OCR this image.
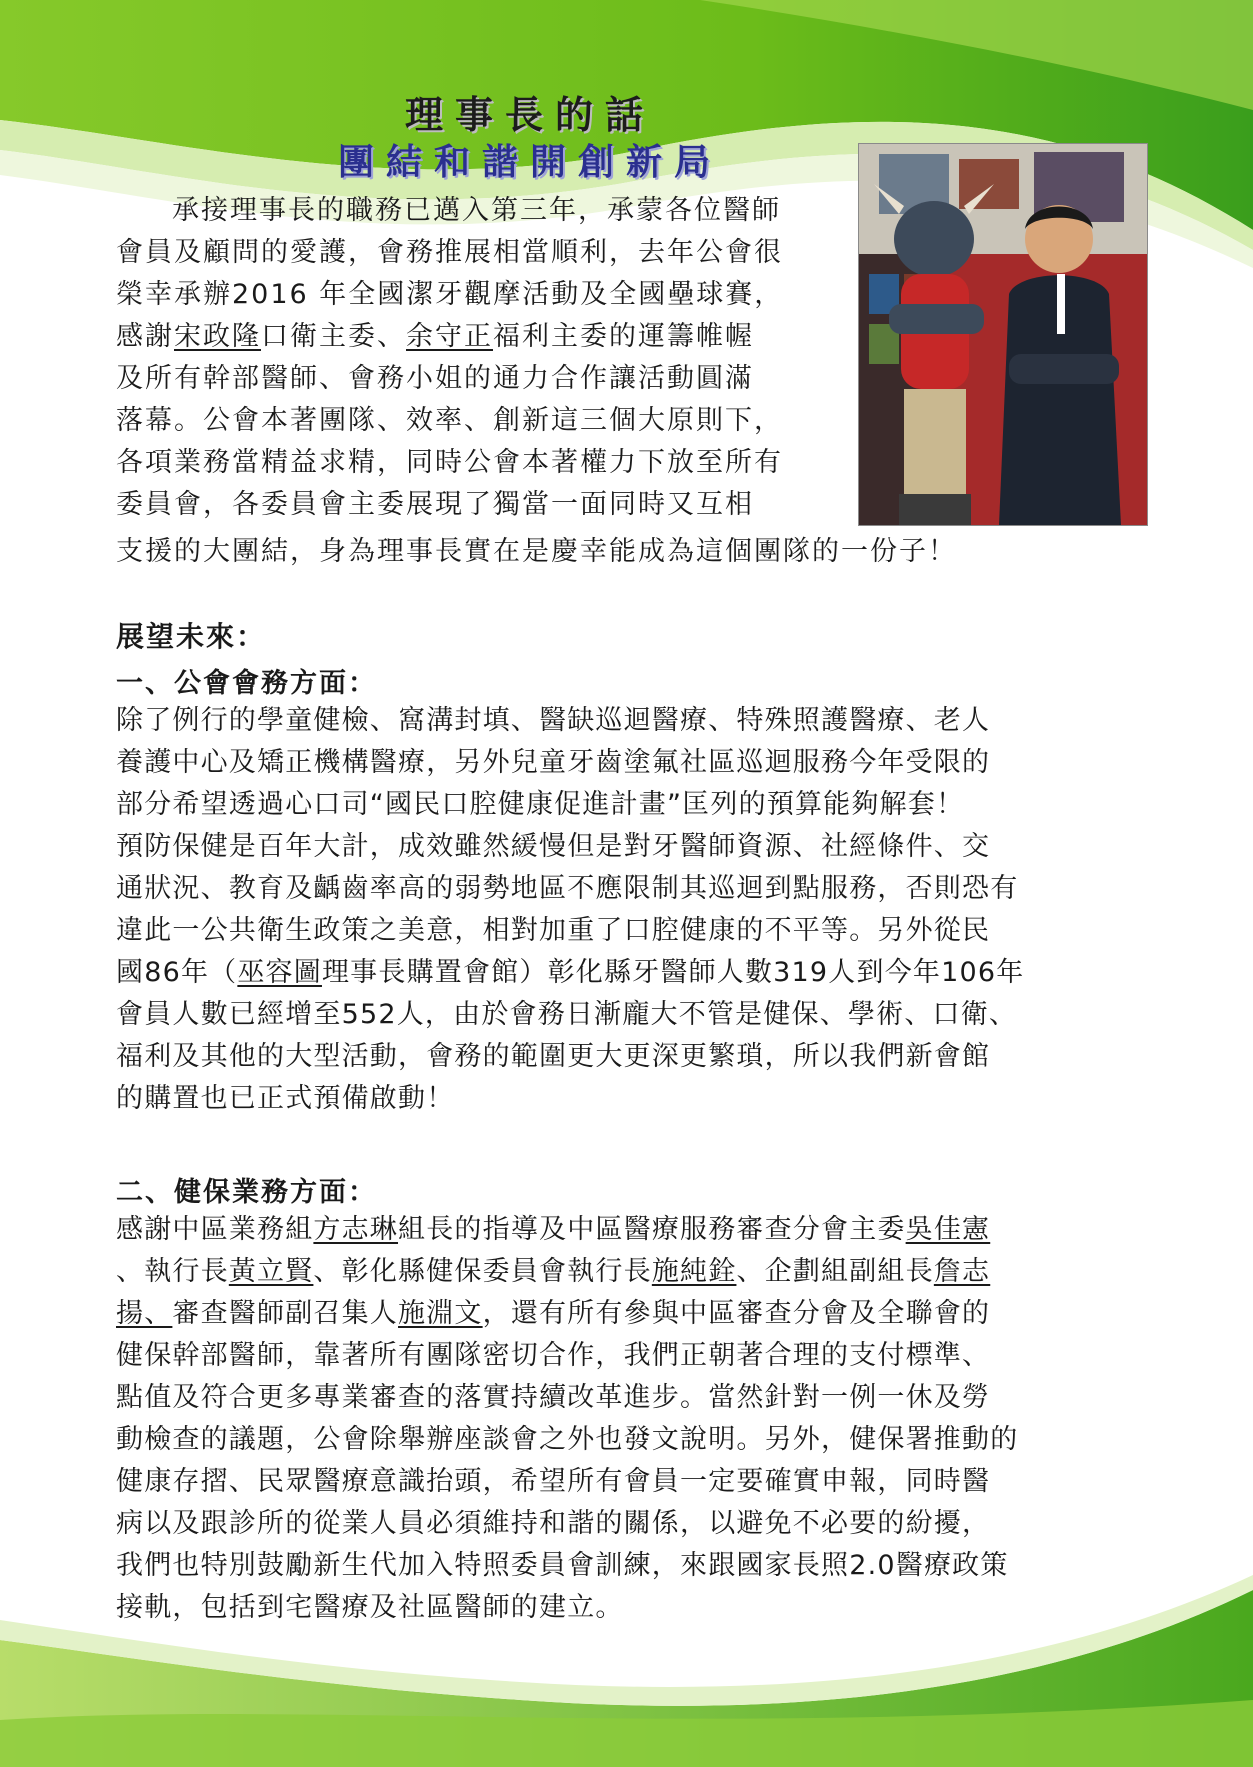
理事長的話
團結和諧開創新局
承接理事長的職務已邁入第三年，承蒙各位醫師
會員及顧問的愛護，會務推展相當順利，去年公會很
榮幸承辦2016 年全國潔牙觀摩活動及全國壘球賽，
感謝宋政隆口衛主委、余守正福利主委的運籌帷幄
及所有幹部醫師、會務小姐的通力合作讓活動圓滿
落幕。公會本著團隊、效率、創新這三個大原則下，
各項業務當精益求精，同時公會本著權力下放至所有
委員會，各委員會主委展現了獨當一面同時又互相
支援的大團結，身為理事長實在是慶幸能成為這個團隊的一份子！
展望未來：
一、公會會務方面：
除了例行的學童健檢、窩溝封填、醫缺巡迴醫療、特殊照護醫療、老人
養護中心及矯正機構醫療，另外兒童牙齒塗氟社區巡迴服務今年受限的
部分希望透過心口司“國民口腔健康促進計畫”匡列的預算能夠解套！
預防保健是百年大計，成效雖然緩慢但是對牙醫師資源、社經條件、交
通狀況、教育及齲齒率高的弱勢地區不應限制其巡迴到點服務，否則恐有
違此一公共衛生政策之美意，相對加重了口腔健康的不平等。另外從民
國86年（巫容圖理事長購置會館）彰化縣牙醫師人數319人到今年106年
會員人數已經增至552人，由於會務日漸龐大不管是健保、學術、口衛、
福利及其他的大型活動，會務的範圍更大更深更繁瑣，所以我們新會館
的購置也已正式預備啟動！
二、健保業務方面：
感謝中區業務組方志琳組長的指導及中區醫療服務審查分會主委吳佳憲
、執行長黃立賢、彰化縣健保委員會執行長施純銓、企劃組副組長詹志
揚、審查醫師副召集人施淵文，還有所有參與中區審查分會及全聯會的
健保幹部醫師，靠著所有團隊密切合作，我們正朝著合理的支付標準、
點值及符合更多專業審查的落實持續改革進步。當然針對一例一休及勞
動檢查的議題，公會除舉辦座談會之外也發文說明。另外，健保署推動的
健康存摺、民眾醫療意識抬頭，希望所有會員一定要確實申報，同時醫
病以及跟診所的從業人員必須維持和諧的關係，以避免不必要的紛擾，
我們也特別鼓勵新生代加入特照委員會訓練，來跟國家長照2.0醫療政策
接軌，包括到宅醫療及社區醫師的建立。
